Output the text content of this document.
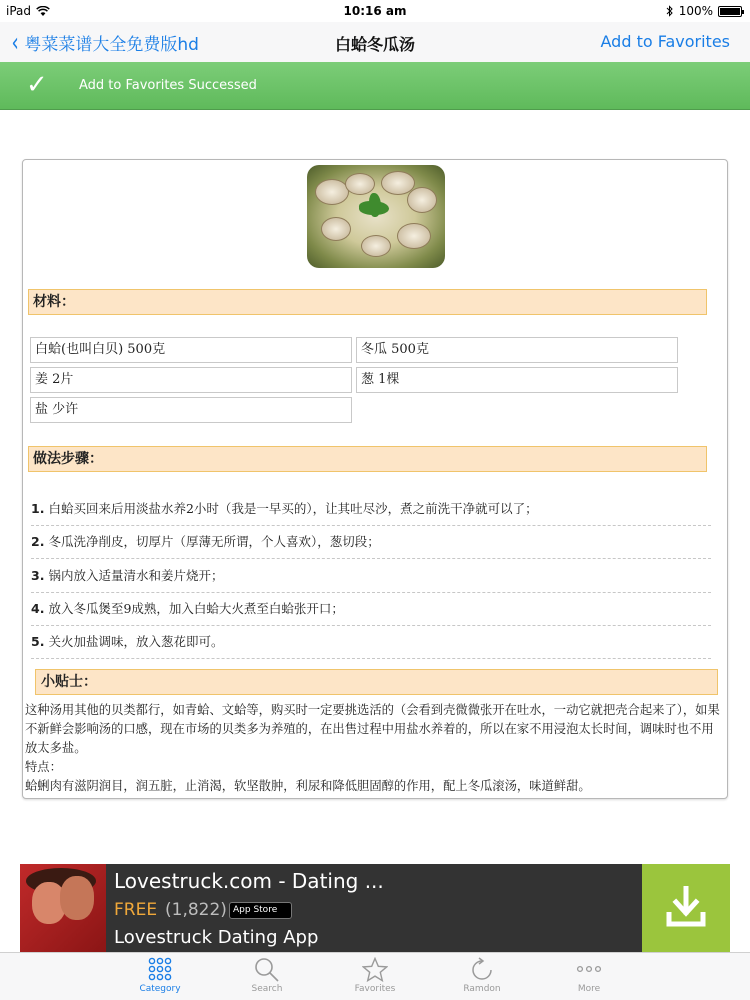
iPad	10:16 am	100%
‹ 粤菜菜谱大全免费版hd	白蛤冬瓜汤	Add to Favorites
✓ Add to Favorites Successed
材料：
白蛤(也叫白贝) 500克	冬瓜 500克
姜 2片	葱 1棵
盐 少许
做法步骤：
1. 白蛤买回来后用淡盐水养2小时（我是一早买的），让其吐尽沙，煮之前洗干净就可以了；
2. 冬瓜洗净削皮，切厚片（厚薄无所谓，个人喜欢），葱切段；
3. 锅内放入适量清水和姜片烧开；
4. 放入冬瓜煲至9成熟，加入白蛤大火煮至白蛤张开口；
5. 关火加盐调味，放入葱花即可。
小贴士：
这种汤用其他的贝类都行，如青蛤、文蛤等，购买时一定要挑选活的（会看到壳微微张开在吐水，一动它就把壳合起来了），如果不新鲜会影响汤的口感，现在市场的贝类多为养殖的，在出售过程中用盐水养着的，所以在家不用浸泡太长时间，调味时也不用放太多盐。
特点：
蛤蜊肉有滋阴润目，润五脏，止消渴，软坚散肿，利尿和降低胆固醇的作用，配上冬瓜滚汤，味道鲜甜。
Lovestruck.com - Dating ...
FREE (1,822) App Store
Lovestruck Dating App
Category	Search	Favorites	Ramdon	More
